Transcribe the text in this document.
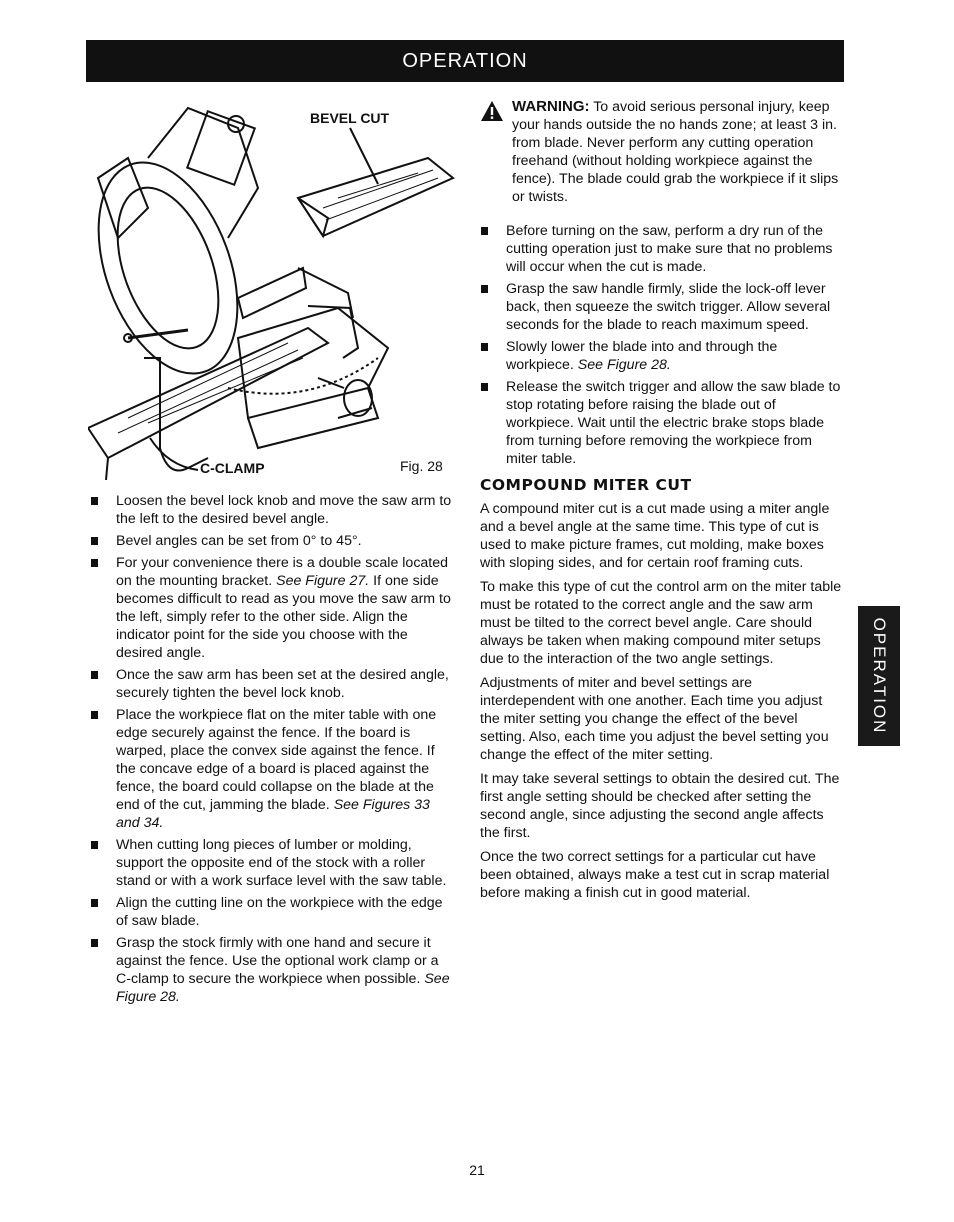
OPERATION
OPERATION
BEVEL CUT
C-CLAMP	Fig. 28
Loosen the bevel lock knob and move the saw arm to the left to the desired bevel angle.
Bevel angles can be set from 0° to 45°.
For your convenience there is a double scale located on the mounting bracket. See Figure 27. If one side becomes difficult to read as you move the saw arm to the left, simply refer to the other side. Align the indicator point for the side you choose with the desired angle.
Once the saw arm has been set at the desired angle, securely tighten the bevel lock knob.
Place the workpiece flat on the miter table with one edge securely against the fence. If the board is warped, place the convex side against the fence. If the concave edge of a board is placed against the fence, the board could collapse on the blade at the end of the cut, jamming the blade. See Figures 33 and 34.
When cutting long pieces of lumber or molding, support the opposite end of the stock with a roller stand or with a work surface level with the saw table.
Align the cutting line on the workpiece with the edge of saw blade.
Grasp the stock firmly with one hand and secure it against the fence. Use the optional work clamp or a C-clamp to secure the workpiece when possible. See Figure 28.
WARNING: To avoid serious personal injury, keep your hands outside the no hands zone; at least 3 in. from blade. Never perform any cutting operation freehand (without holding workpiece against the fence). The blade could grab the workpiece if it slips or twists.
Before turning on the saw, perform a dry run of the cutting operation just to make sure that no problems will occur when the cut is made.
Grasp the saw handle firmly, slide the lock-off lever back, then squeeze the switch trigger. Allow several seconds for the blade to reach maximum speed.
Slowly lower the blade into and through the workpiece. See Figure 28.
Release the switch trigger and allow the saw blade to stop rotating before raising the blade out of workpiece. Wait until the electric brake stops blade from turning before removing the workpiece from miter table.
COMPOUND MITER CUT

A compound miter cut is a cut made using a miter angle and a bevel angle at the same time. This type of cut is used to make picture frames, cut molding, make boxes with sloping sides, and for certain roof framing cuts.

To make this type of cut the control arm on the miter table must be rotated to the correct angle and the saw arm must be tilted to the correct bevel angle. Care should always be taken when making compound miter setups due to the interaction of the two angle settings.

Adjustments of miter and bevel settings are interdependent with one another. Each time you adjust the miter setting you change the effect of the bevel setting. Also, each time you adjust the bevel setting you change the effect of the miter setting.

It may take several settings to obtain the desired cut. The first angle setting should be checked after setting the second angle, since adjusting the second angle affects the first.

Once the two correct settings for a particular cut have been obtained, always make a test cut in scrap material before making a finish cut in good material.

21
